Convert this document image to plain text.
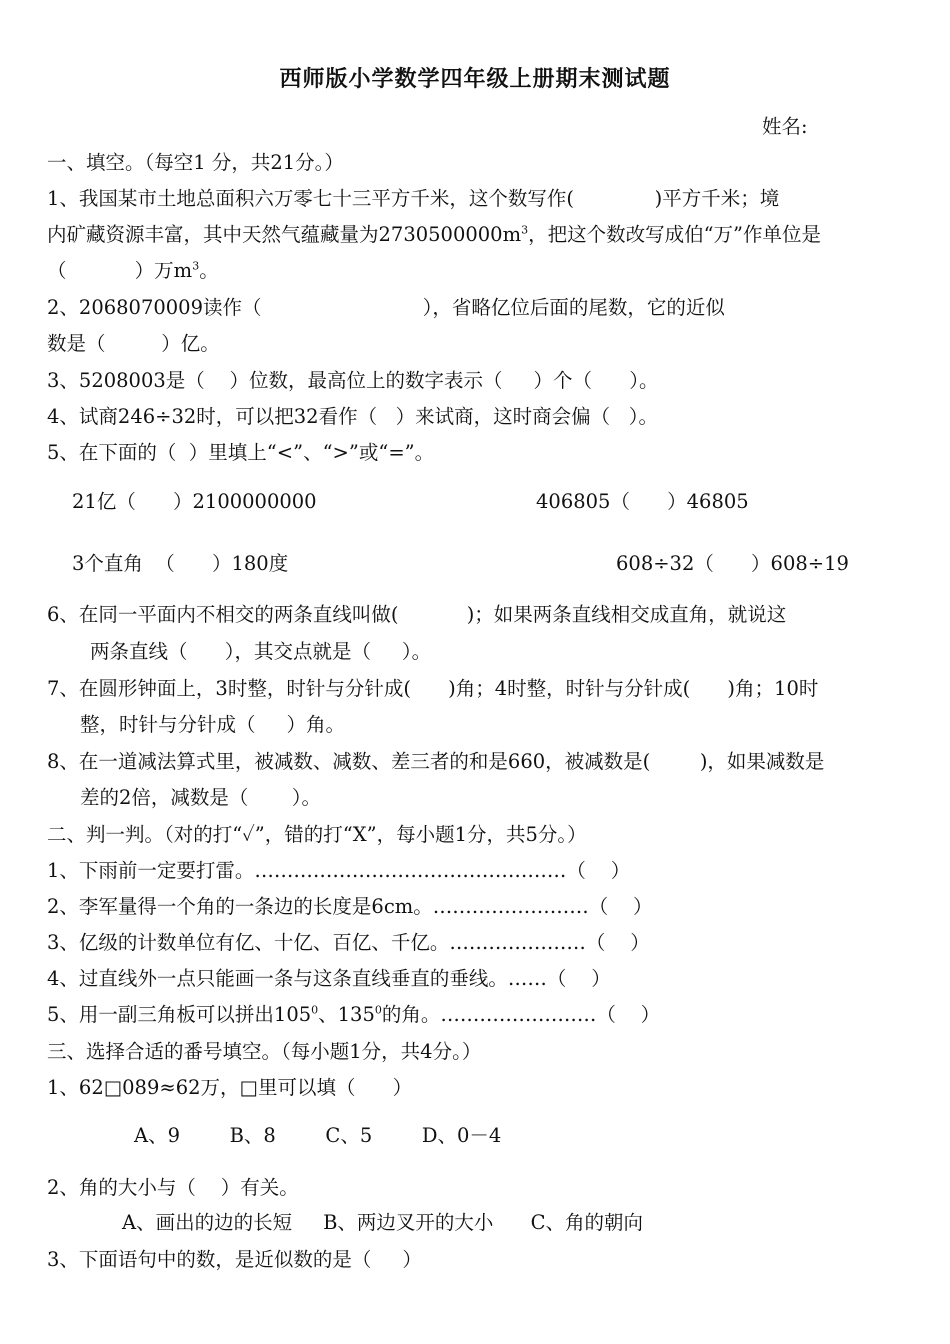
西师版小学数学四年级上册期末测试题
姓名:
一、填空。（每空1 分，共21分。）
1、我国某市土地总面积六万零七十三平方千米，这个数写作(             )平方千米；境
内矿藏资源丰富，其中天然气蕴藏量为$2730500000m^3$，把这个数改写成伯“万”作单位是
（           ）万$m^3$。
2、2068070009读作（                          ），省略亿位后面的尾数，它的近似
数是（         ）亿。
3、5208003是（    ）位数，最高位上的数字表示（     ）个（      ）。
4、试商246÷32时，可以把32看作（   ）来试商，这时商会偏（   ）。
5、在下面的（  ）里填上“<”、“>”或“=”。
21亿（      ）2100000000	406805（      ）46805
3个直角  （      ）180度	608÷32（      ）608÷19
6、在同一平面内不相交的两条直线叫做(           )；如果两条直线相交成直角，就说这
两条直线（      ），其交点就是（     ）。
7、在圆形钟面上，3时整，时针与分针成(      )角；4时整，时针与分针成(      )角；10时
整，时针与分针成（     ）角。
8、在一道减法算式里，被减数、减数、差三者的和是660，被减数是(        )，如果减数是
差的2倍，减数是（       ）。
二、判一判。（对的打“✓”，错的打“X”，每小题1分，共5分。）
1、下雨前一定要打雷。…………………………………………（    ）
2、李军量得一个角的一条边的长度是6cm。……………………（    ）
3、亿级的计数单位有亿、十亿、百亿、千亿。…………………（    ）
4、过直线外一点只能画一条与这条直线垂直的垂线。……（    ）
5、用一副三角板可以拼出$105^0$、$135^0$的角。……………………（    ）
三、选择合适的番号填空。（每小题1分，共4分。）
1、62□089≈62万，□里可以填（      ）
A、9        B、8        C、5        D、0－4
2、角的大小与（    ）有关。
A、画出的边的长短     B、两边叉开的大小      C、角的朝向
3、下面语句中的数，是近似数的是（     ）
